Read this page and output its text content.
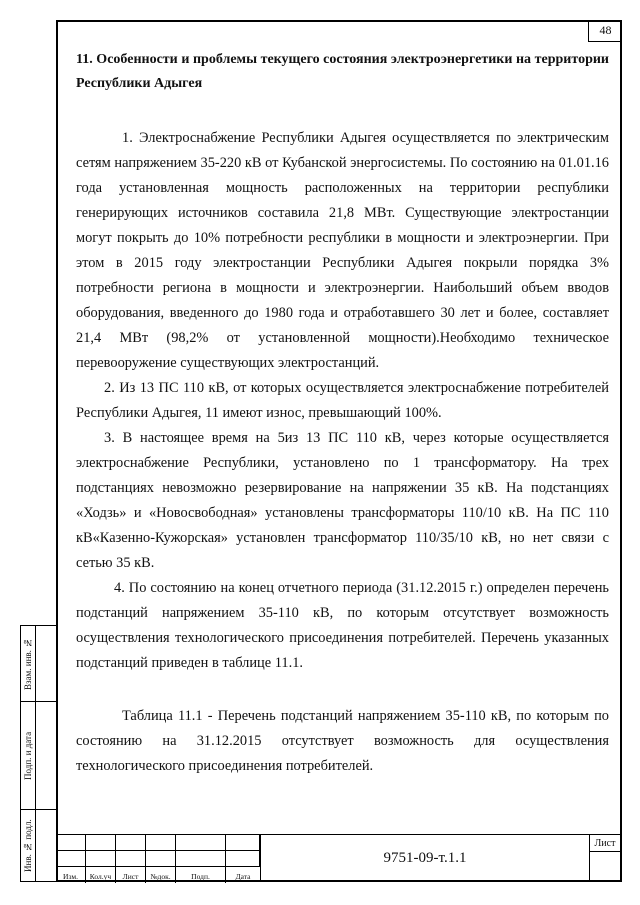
48

11. Особенности и проблемы текущего состояния электроэнергетики на территории Республики Адыгея

1. Электроснабжение Республики Адыгея осуществляется по электрическим сетям напряжением 35-220 кВ от Кубанской энергосистемы. По состоянию на 01.01.16 года установленная мощность расположенных на территории республики генерирующих источников составила 21,8 МВт. Существующие электростанции могут покрыть до 10% потребности республики в мощности и электроэнергии. При этом в 2015 году электростанции Республики Адыгея покрыли порядка 3% потребности региона в мощности и электроэнергии. Наибольший объем вводов оборудования, введенного до 1980 года и отработавшего 30 лет и более, составляет 21,4 МВт (98,2% от установленной мощности).Необходимо техническое перевооружение существующих электростанций.

2. Из 13 ПС 110 кВ, от которых осуществляется электроснабжение потребителей Республики Адыгея, 11 имеют износ, превышающий 100%.

3. В настоящее время на 5из 13 ПС 110 кВ, через которые осуществляется электроснабжение Республики, установлено по 1 трансформатору. На трех подстанциях невозможно резервирование на напряжении 35 кВ. На подстанциях «Ходзь» и «Новосвободная» установлены трансформаторы 110/10 кВ. На ПС 110 кВ«Казенно-Кужорская» установлен трансформатор 110/35/10 кВ, но нет связи с сетью 35 кВ.

4. По состоянию на конец отчетного периода (31.12.2015 г.) определен перечень подстанций напряжением 35-110 кВ, по которым отсутствует возможность осуществления технологического присоединения потребителей. Перечень указанных подстанций приведен в таблице 11.1.

Таблица 11.1 - Перечень подстанций напряжением 35-110 кВ, по которым по состоянию на 31.12.2015 отсутствует возможность для осуществления технологического присоединения потребителей.

Взам. инв. №
Подп. и дата
Инв. № подл.
Изм.	Кол.уч	Лист	№док.	Подп.	Дата
9751-09-т.1.1
Лист
